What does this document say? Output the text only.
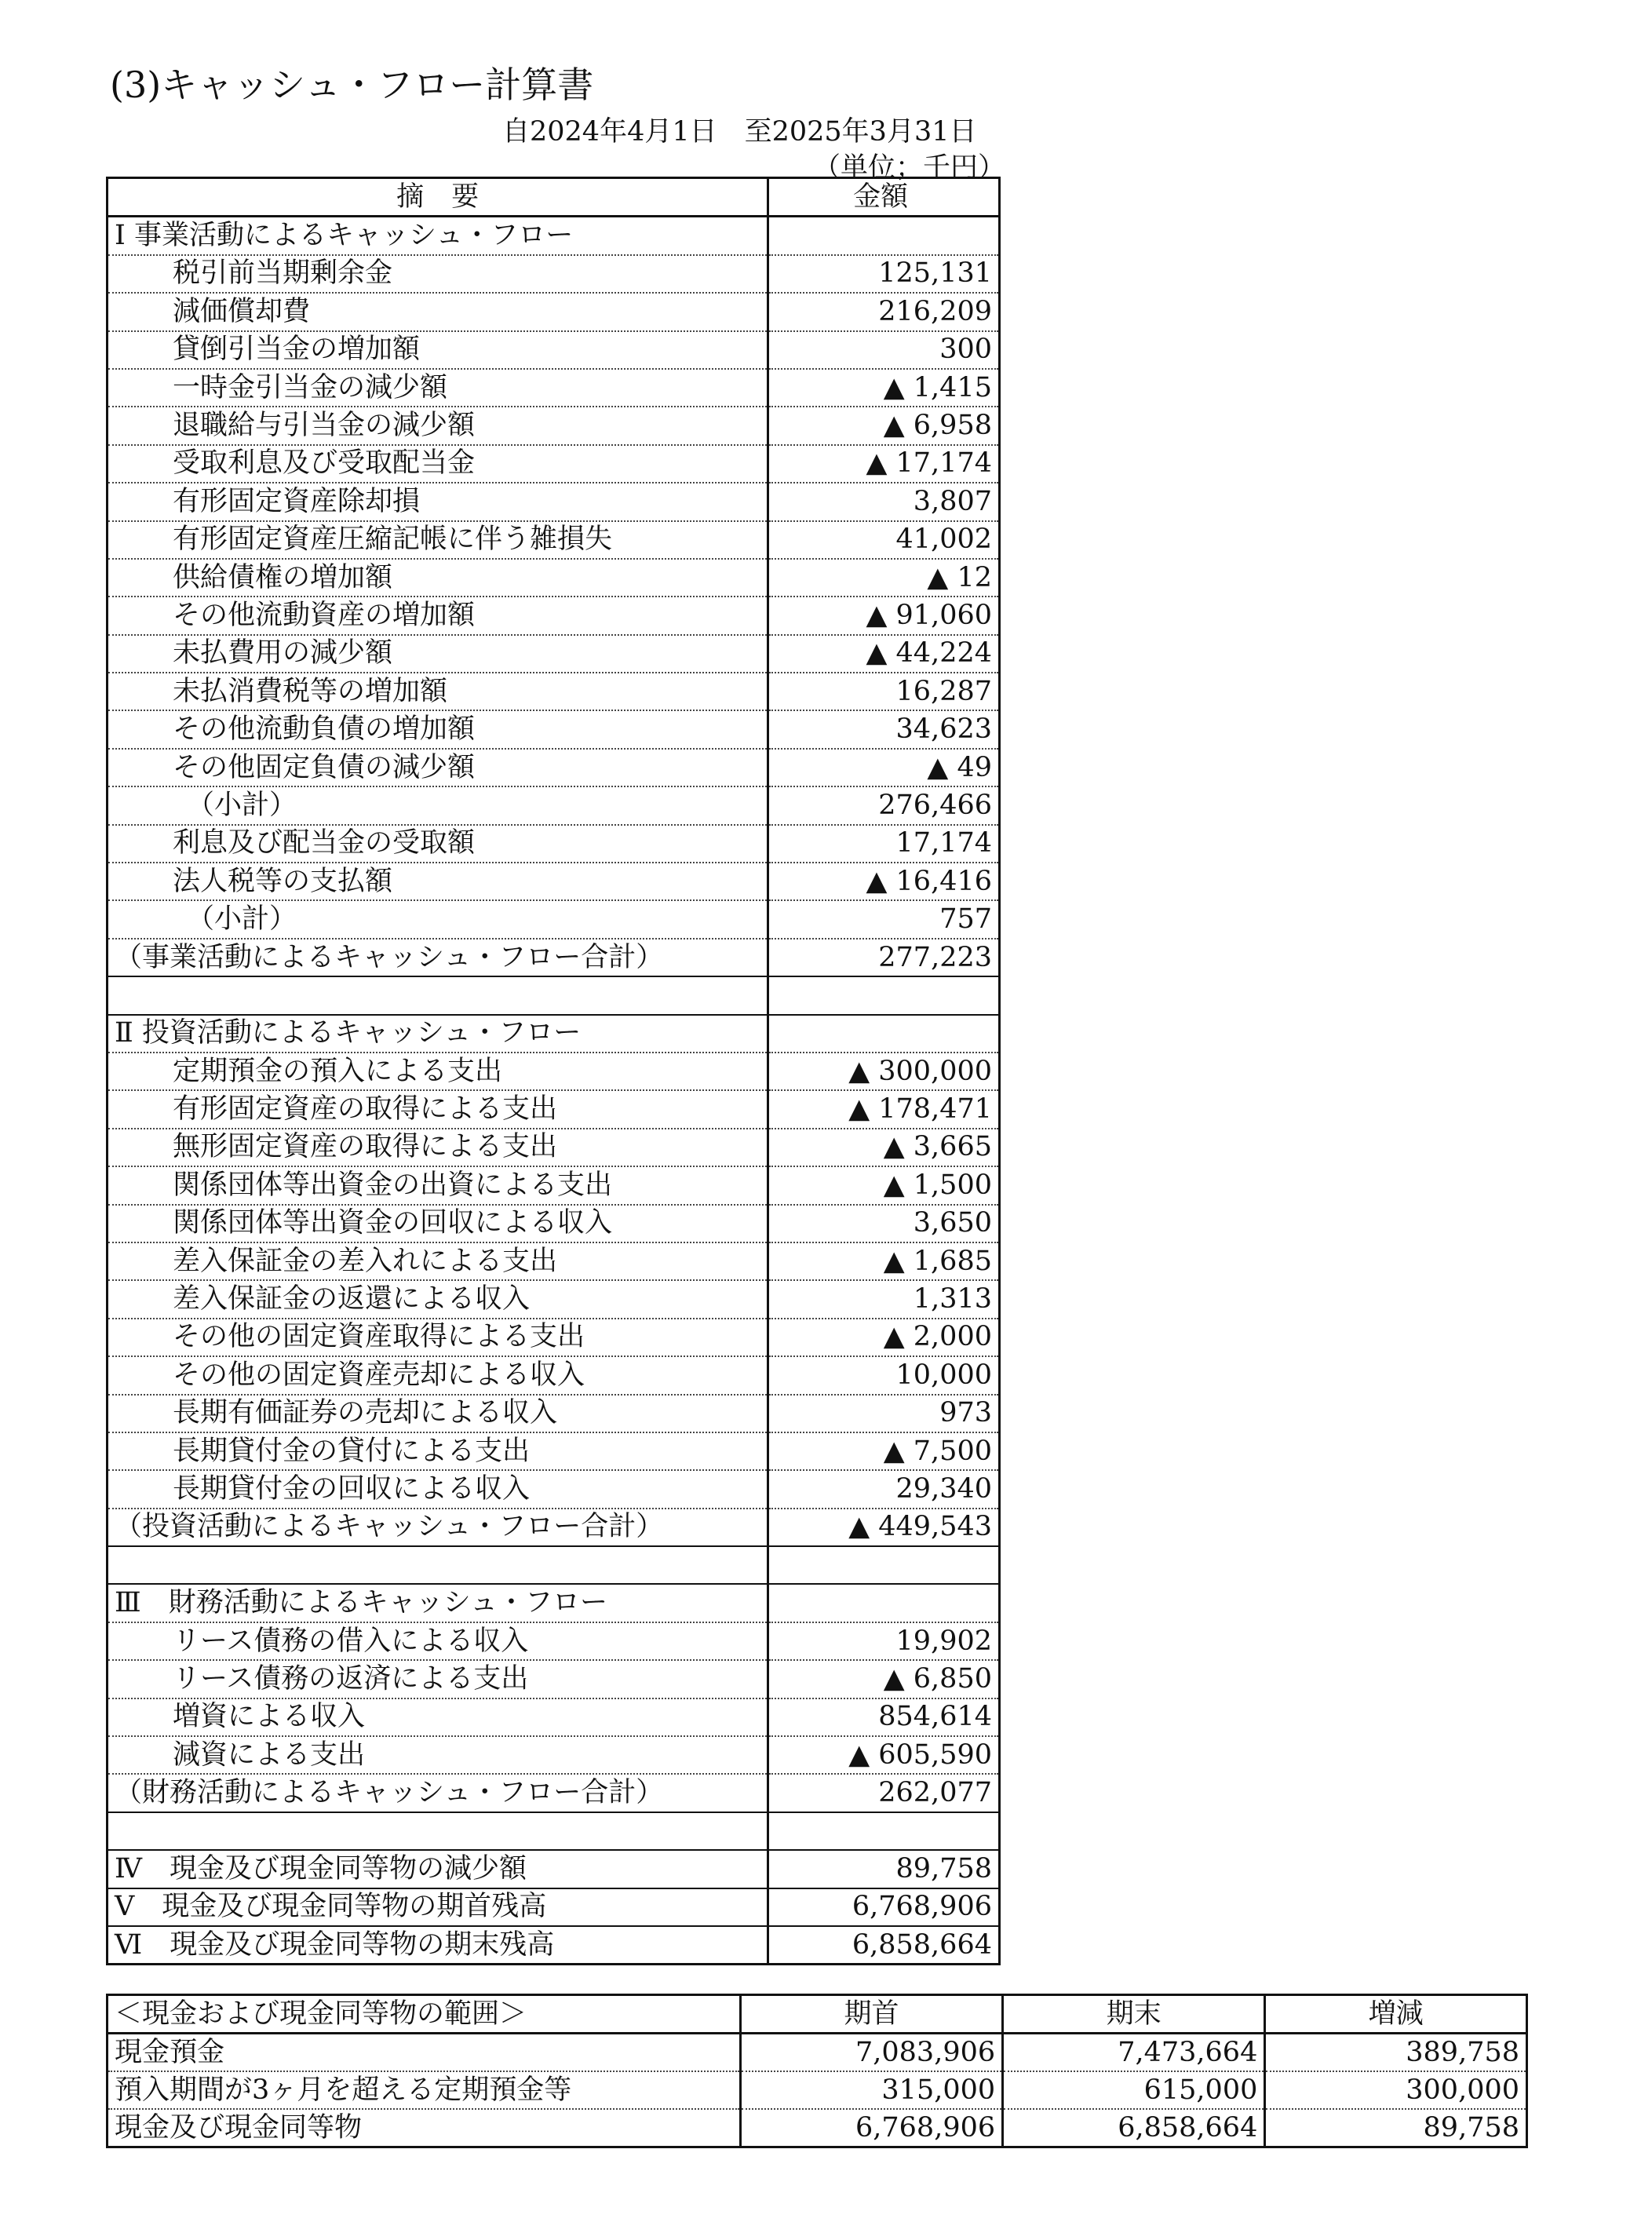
(3)キャッシュ・フロー計算書
自2024年4月1日　至2025年3月31日
（単位；千円）
摘　要	金額
Ⅰ 事業活動によるキャッシュ・フロー	
税引前当期剰余金	125,131
減価償却費	216,209
貸倒引当金の増加額	300
一時金引当金の減少額	▲ 1,415
退職給与引当金の減少額	▲ 6,958
受取利息及び受取配当金	▲ 17,174
有形固定資産除却損	3,807
有形固定資産圧縮記帳に伴う雑損失	41,002
供給債権の増加額	▲ 12
その他流動資産の増加額	▲ 91,060
未払費用の減少額	▲ 44,224
未払消費税等の増加額	16,287
その他流動負債の増加額	34,623
その他固定負債の減少額	▲ 49
（小計）	276,466
利息及び配当金の受取額	17,174
法人税等の支払額	▲ 16,416
（小計）	757
（事業活動によるキャッシュ・フロー合計）	277,223

Ⅱ 投資活動によるキャッシュ・フロー	
定期預金の預入による支出	▲ 300,000
有形固定資産の取得による支出	▲ 178,471
無形固定資産の取得による支出	▲ 3,665
関係団体等出資金の出資による支出	▲ 1,500
関係団体等出資金の回収による収入	3,650
差入保証金の差入れによる支出	▲ 1,685
差入保証金の返還による収入	1,313
その他の固定資産取得による支出	▲ 2,000
その他の固定資産売却による収入	10,000
長期有価証券の売却による収入	973
長期貸付金の貸付による支出	▲ 7,500
長期貸付金の回収による収入	29,340
（投資活動によるキャッシュ・フロー合計）	▲ 449,543

Ⅲ　財務活動によるキャッシュ・フロー	
リース債務の借入による収入	19,902
リース債務の返済による支出	▲ 6,850
増資による収入	854,614
減資による支出	▲ 605,590
（財務活動によるキャッシュ・フロー合計）	262,077

Ⅳ　現金及び現金同等物の減少額	89,758
Ⅴ　現金及び現金同等物の期首残高	6,768,906
Ⅵ　現金及び現金同等物の期末残高	6,858,664
＜現金および現金同等物の範囲＞	期首	期末	増減
現金預金	7,083,906	7,473,664	389,758
預入期間が3ヶ月を超える定期預金等	315,000	615,000	300,000
現金及び現金同等物	6,768,906	6,858,664	89,758
